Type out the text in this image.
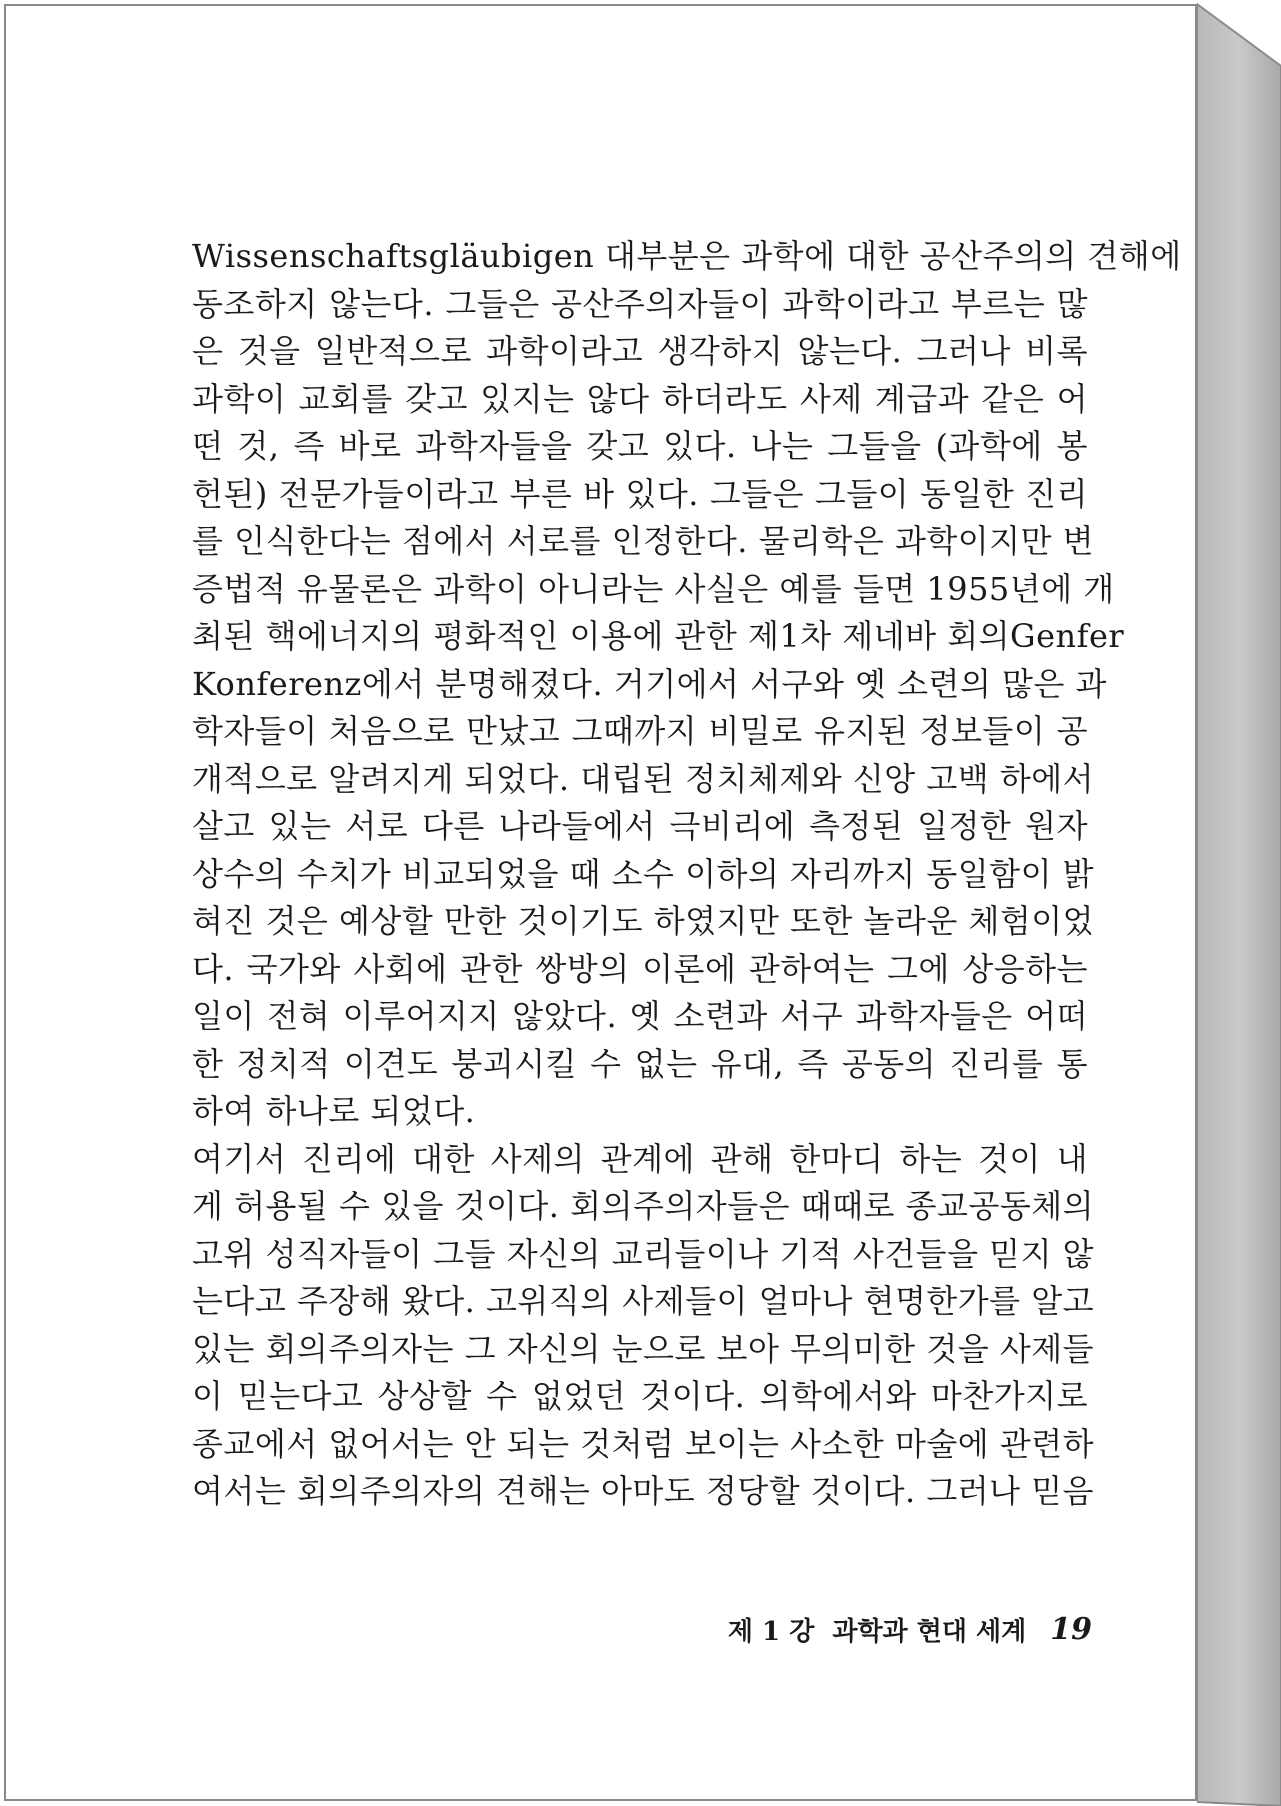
Wissenschaftsgläubigen 대부분은 과학에 대한 공산주의의 견해에
동조하지 않는다. 그들은 공산주의자들이 과학이라고 부르는 많
은 것을 일반적으로 과학이라고 생각하지 않는다. 그러나 비록
과학이 교회를 갖고 있지는 않다 하더라도 사제 계급과 같은 어
떤 것, 즉 바로 과학자들을 갖고 있다. 나는 그들을 (과학에 봉
헌된) 전문가들이라고 부른 바 있다. 그들은 그들이 동일한 진리
를 인식한다는 점에서 서로를 인정한다. 물리학은 과학이지만 변
증법적 유물론은 과학이 아니라는 사실은 예를 들면 1955년에 개
최된 핵에너지의 평화적인 이용에 관한 제1차 제네바 회의Genfer
Konferenz에서 분명해졌다. 거기에서 서구와 옛 소련의 많은 과
학자들이 처음으로 만났고 그때까지 비밀로 유지된 정보들이 공
개적으로 알려지게 되었다. 대립된 정치체제와 신앙 고백 하에서
살고 있는 서로 다른 나라들에서 극비리에 측정된 일정한 원자
상수의 수치가 비교되었을 때 소수 이하의 자리까지 동일함이 밝
혀진 것은 예상할 만한 것이기도 하였지만 또한 놀라운 체험이었
다. 국가와 사회에 관한 쌍방의 이론에 관하여는 그에 상응하는
일이 전혀 이루어지지 않았다. 옛 소련과 서구 과학자들은 어떠
한 정치적 이견도 붕괴시킬 수 없는 유대, 즉 공동의 진리를 통
하여 하나로 되었다.
여기서 진리에 대한 사제의 관계에 관해 한마디 하는 것이 내
게 허용될 수 있을 것이다. 회의주의자들은 때때로 종교공동체의
고위 성직자들이 그들 자신의 교리들이나 기적 사건들을 믿지 않
는다고 주장해 왔다. 고위직의 사제들이 얼마나 현명한가를 알고
있는 회의주의자는 그 자신의 눈으로 보아 무의미한 것을 사제들
이 믿는다고 상상할 수 없었던 것이다. 의학에서와 마찬가지로
종교에서 없어서는 안 되는 것처럼 보이는 사소한 마술에 관련하
여서는 회의주의자의 견해는 아마도 정당할 것이다. 그러나 믿음
제 1 강 과학과 현대 세계 19
